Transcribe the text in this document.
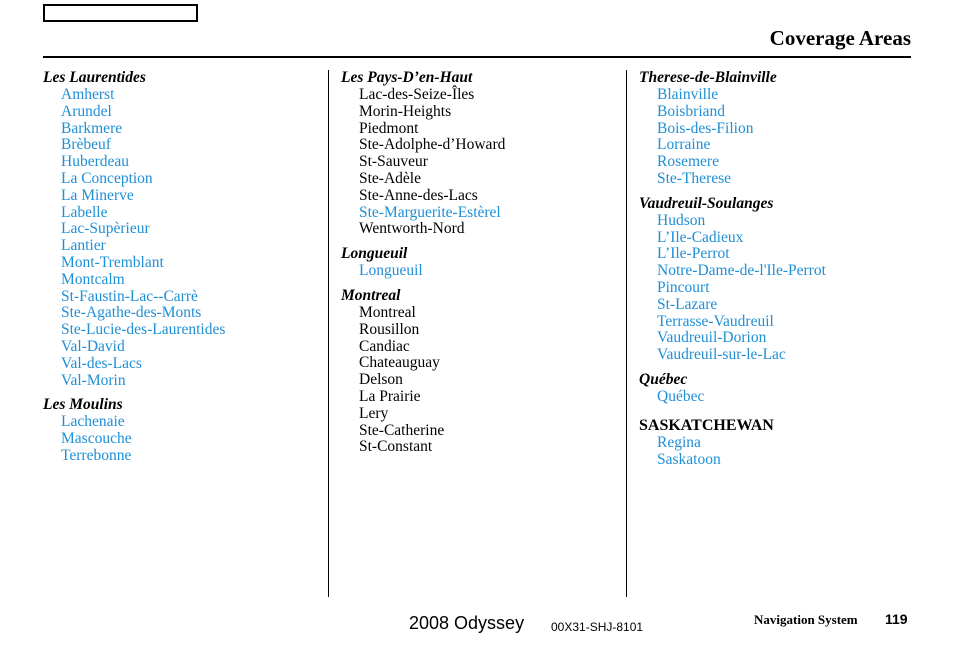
Coverage Areas
Les Laurentides
Amherst
Arundel
Barkmere
Brèbeuf
Huberdeau
La Conception
La Minerve
Labelle
Lac-Supèrieur
Lantier
Mont-Tremblant
Montcalm
St-Faustin-Lac--Carrè
Ste-Agathe-des-Monts
Ste-Lucie-des-Laurentides
Val-David
Val-des-Lacs
Val-Morin
Les Moulins
Lachenaie
Mascouche
Terrebonne
Les Pays-D’en-Haut
Lac-des-Seize-Îles
Morin-Heights
Piedmont
Ste-Adolphe-d’Howard
St-Sauveur
Ste-Adèle
Ste-Anne-des-Lacs
Ste-Marguerite-Estèrel
Wentworth-Nord
Longueuil
Longueuil
Montreal
Montreal
Rousillon
Candiac
Chateauguay
Delson
La Prairie
Lery
Ste-Catherine
St-Constant
Therese-de-Blainville
Blainville
Boisbriand
Bois-des-Filion
Lorraine
Rosemere
Ste-Therese
Vaudreuil-Soulanges
Hudson
L’Ile-Cadieux
L’Ile-Perrot
Notre-Dame-de-l'Ile-Perrot
Pincourt
St-Lazare
Terrasse-Vaudreuil
Vaudreuil-Dorion
Vaudreuil-sur-le-Lac
Québec
Québec
SASKATCHEWAN
Regina
Saskatoon
2008 Odyssey 00X31-SHJ-8101	Navigation System 119
